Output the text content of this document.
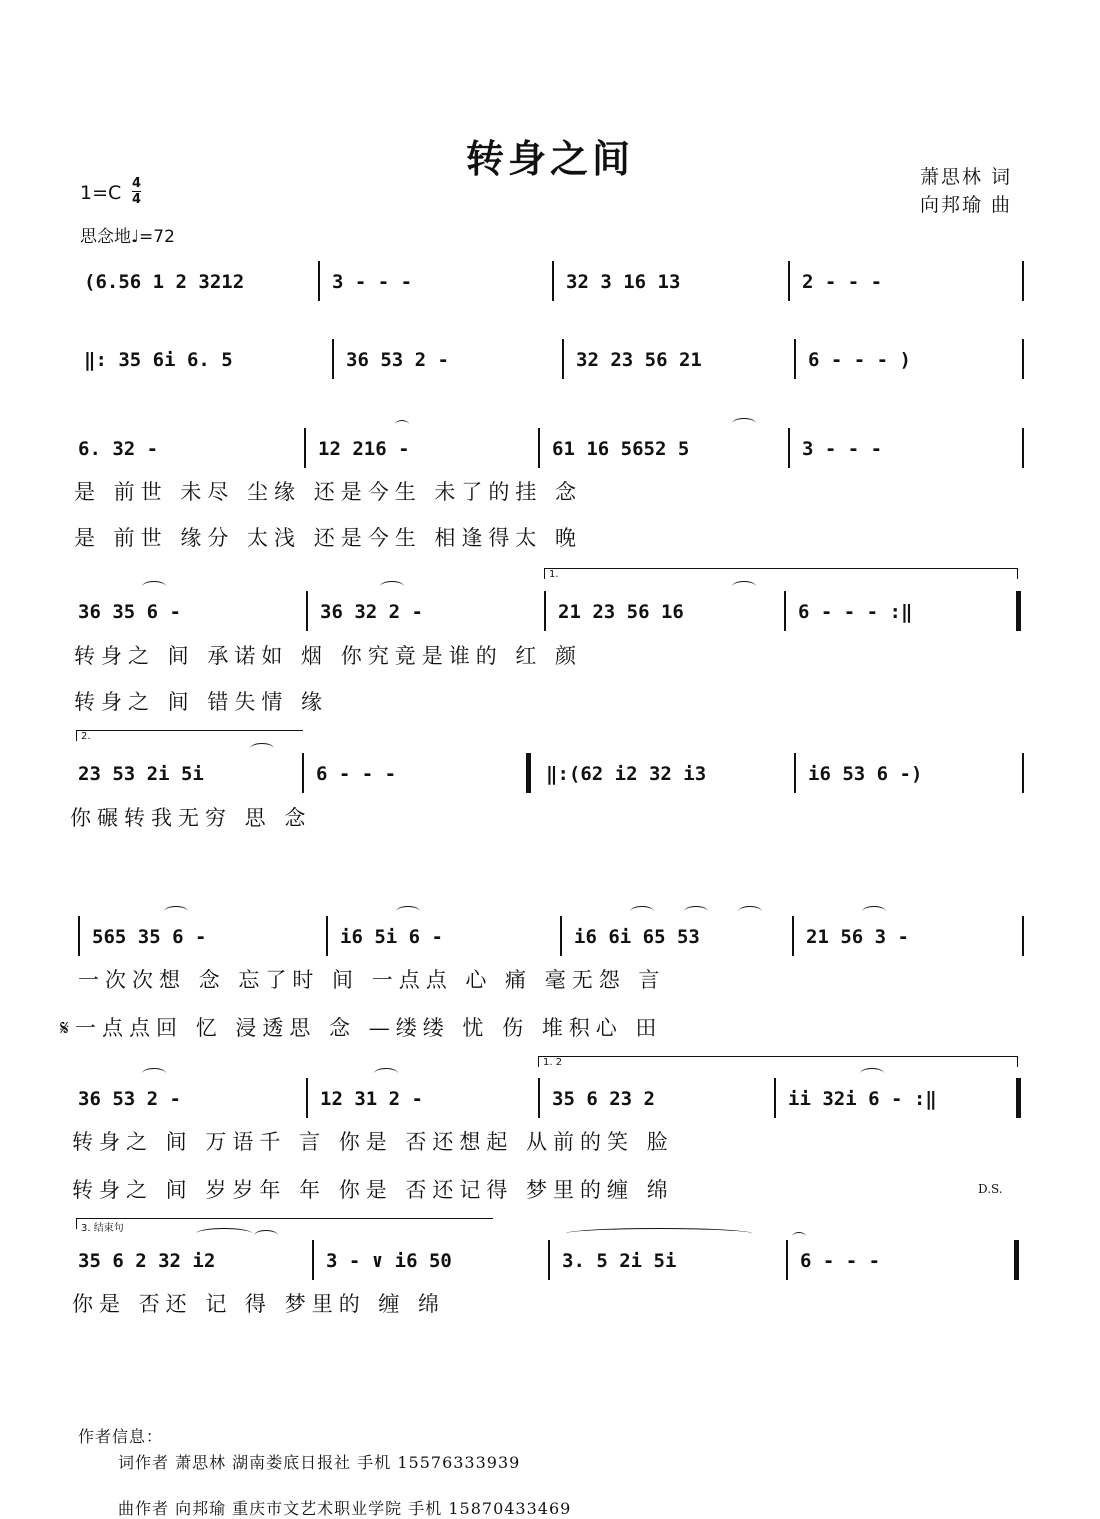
转身之间	萧思林 词
向邦瑜 曲
1=C 4
4
思念地♩=72
(6.56 1 2 3212	3 - - -	32 3 16 13	2 - - -
‖: 35 6i 6. 5	36 53 2 -	32 23 56 21	6 - - - )
6. 32 -	12 216 -	61 16 5652 5	3 - - -
是 前世 未尽 尘缘 还是今生 未了的挂 念
是 前世 缘分 太浅 还是今生 相逢得太 晚
1.
36 35 6 -	36 32 2 -	21 23 56 16	6 - - - :‖
转身之 间 承诺如 烟 你究竟是谁的 红 颜
转身之 间 错失情 缘
2.
23 53 2i 5i	6 - - -	‖:(62 i2 32 i3	i6 53 6 -)
你碾转我无穷 思 念
565 35 6 -	i6 5i 6 -	i6 6i 65 53	21 56 3 -
一次次想 念 忘了时 间 一点点 心 痛 毫无怨 言
𝄋一点点回 忆 浸透思 念 —缕缕 忧 伤 堆积心 田
1. 2
36 53 2 -	12 31 2 -	35 6 23 2	ii 32i 6 - :‖
转身之 间 万语千 言 你是 否还想起 从前的笑 脸
转身之 间 岁岁年 年 你是 否还记得 梦里的缠 绵	D.S.
3. 结束句
35 6 2 32 i2	3 - ∨ i6 50	3. 5 2i 5i	6 - - -
你是 否还 记 得 梦里的 缠 绵
作者信息：
词作者 萧思林 湖南娄底日报社 手机 15576333939
曲作者 向邦瑜 重庆市文艺术职业学院 手机 15870433469
